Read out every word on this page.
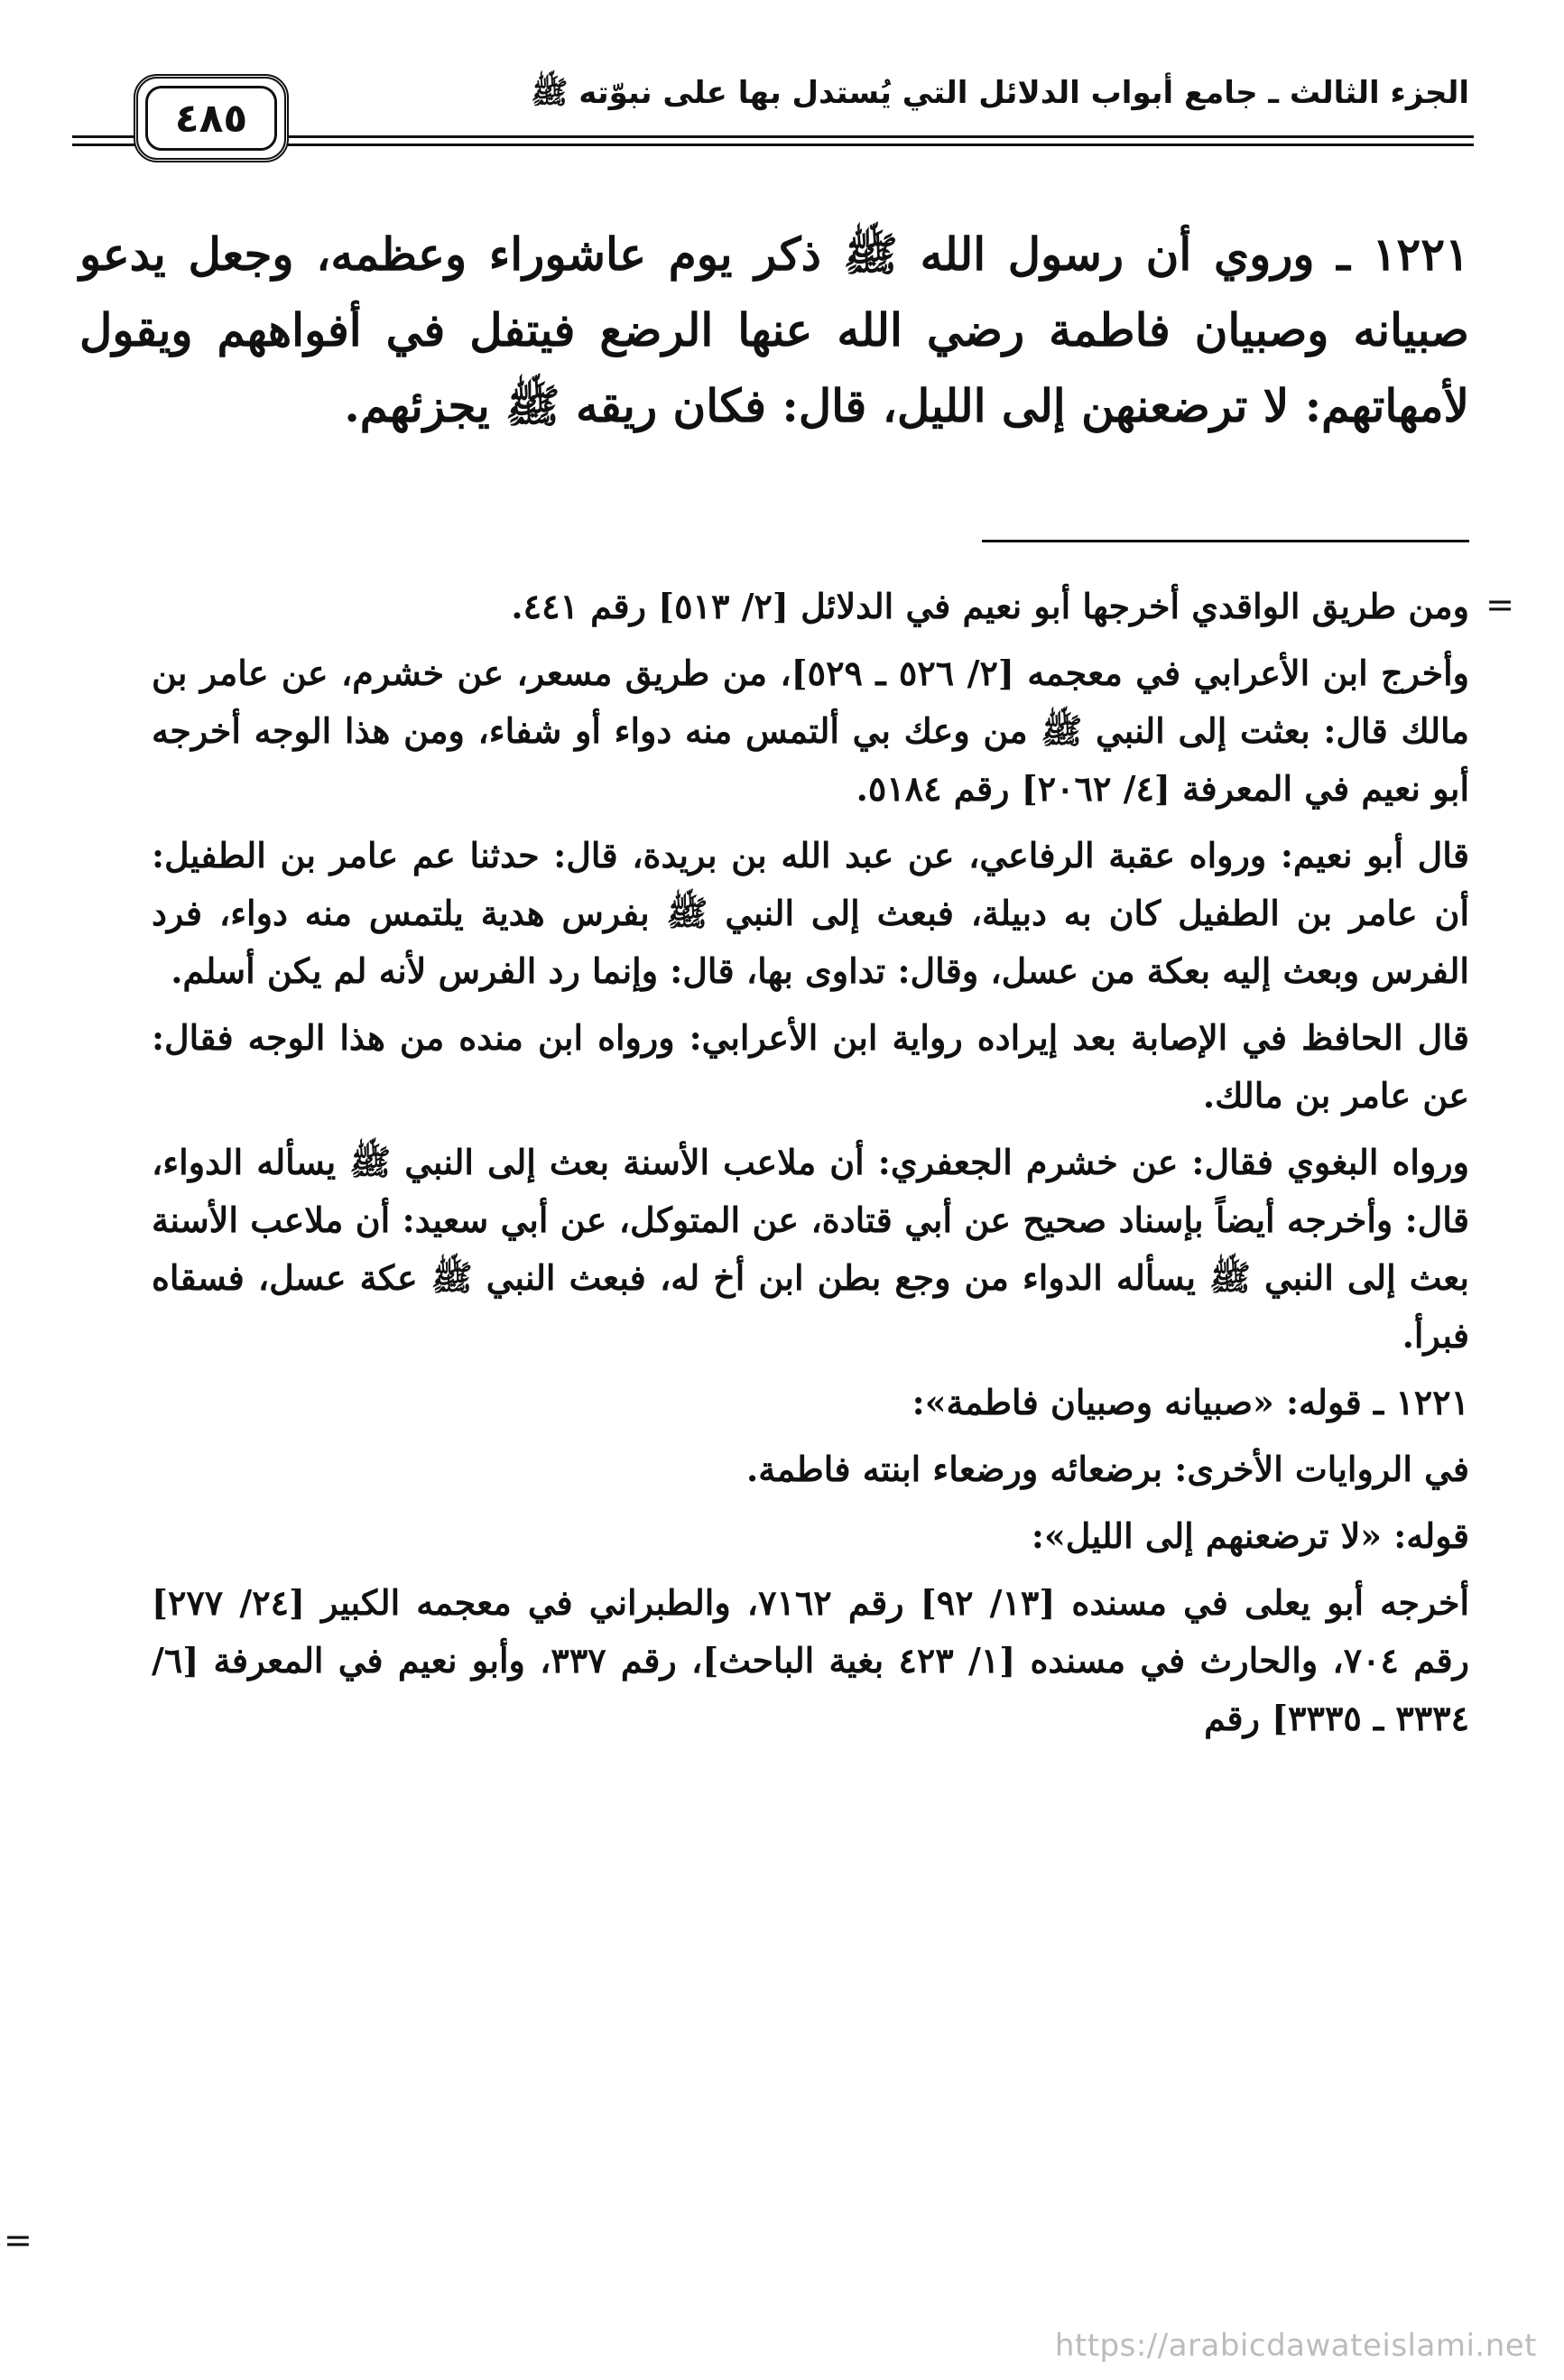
الجزء الثالث ـ جامع أبواب الدلائل التي يُستدل بها على نبوّته ﷺ
٤٨٥
١٢٢١ ـ وروي أن رسول الله ﷺ ذكر يوم عاشوراء وعظمه، وجعل يدعو صبيانه وصبيان فاطمة رضي الله عنها الرضع فيتفل في أفواههم ويقول لأمهاتهم: لا ترضعنهن إلى الليل، قال: فكان ريقه ﷺ يجزئهم.
=

ومن طريق الواقدي أخرجها أبو نعيم في الدلائل [٢/ ٥١٣] رقم ٤٤١.

وأخرج ابن الأعرابي في معجمه [٢/ ٥٢٦ ـ ٥٢٩]، من طريق مسعر، عن خشرم، عن عامر بن مالك قال: بعثت إلى النبي ﷺ من وعك بي ألتمس منه دواء أو شفاء، ومن هذا الوجه أخرجه أبو نعيم في المعرفة [٤/ ٢٠٦٢] رقم ٥١٨٤.

قال أبو نعيم: ورواه عقبة الرفاعي، عن عبد الله بن بريدة، قال: حدثنا عم عامر بن الطفيل: أن عامر بن الطفيل كان به دبيلة، فبعث إلى النبي ﷺ بفرس هدية يلتمس منه دواء، فرد الفرس وبعث إليه بعكة من عسل، وقال: تداوى بها، قال: وإنما رد الفرس لأنه لم يكن أسلم.

قال الحافظ في الإصابة بعد إيراده رواية ابن الأعرابي: ورواه ابن منده من هذا الوجه فقال: عن عامر بن مالك.

ورواه البغوي فقال: عن خشرم الجعفري: أن ملاعب الأسنة بعث إلى النبي ﷺ يسأله الدواء، قال: وأخرجه أيضاً بإسناد صحيح عن أبي قتادة، عن المتوكل، عن أبي سعيد: أن ملاعب الأسنة بعث إلى النبي ﷺ يسأله الدواء من وجع بطن ابن أخ له، فبعث النبي ﷺ عكة عسل، فسقاه فبرأ.

١٢٢١ ـ قوله: «صبيانه وصبيان فاطمة»:

في الروايات الأخرى: برضعائه ورضعاء ابنته فاطمة.

قوله: «لا ترضعنهم إلى الليل»:

أخرجه أبو يعلى في مسنده [١٣/ ٩٢] رقم ٧١٦٢، والطبراني في معجمه الكبير [٢٤/ ٢٧٧] رقم ٧٠٤، والحارث في مسنده [١/ ٤٢٣ بغية الباحث]، رقم ٣٣٧، وأبو نعيم في المعرفة [٦/ ٣٣٣٤ ـ ٣٣٣٥] رقم

=
https://arabicdawateislami.net
